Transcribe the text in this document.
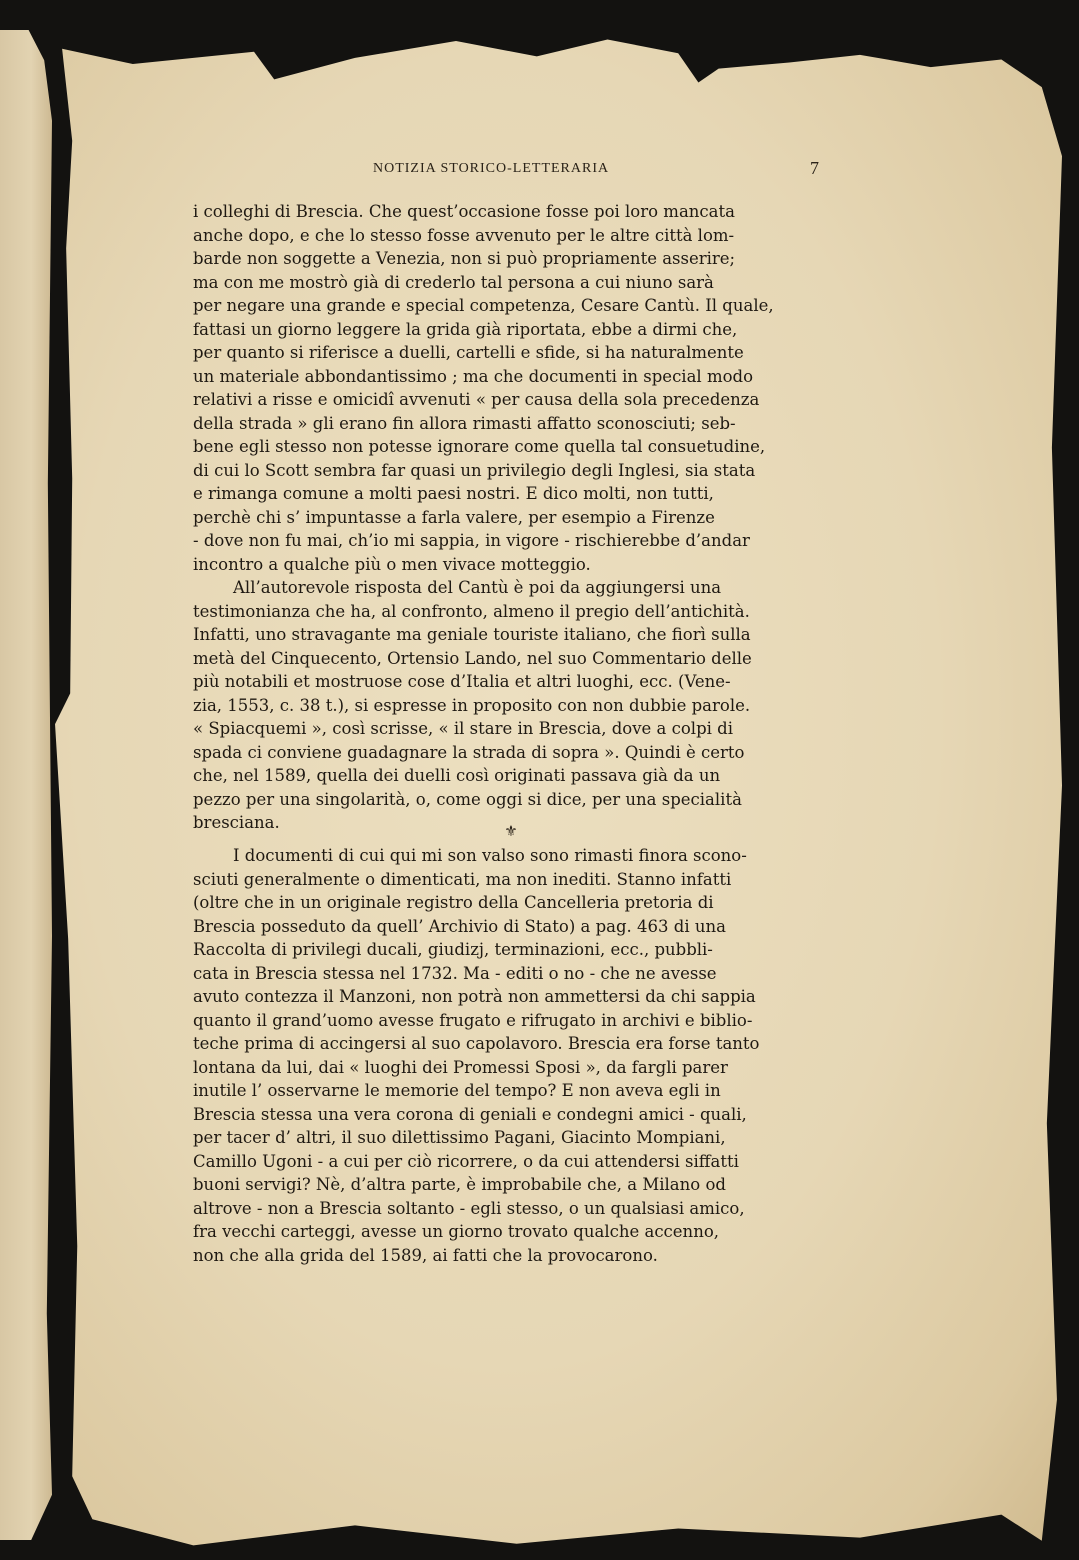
NOTIZIA STORICO-LETTERARIA	7
i colleghi di Brescia. Che quest’occasione fosse poi loro mancata
anche dopo, e che lo stesso fosse avvenuto per le altre città lom-
barde non soggette a Venezia, non si può propriamente asserire;
ma con me mostrò già di crederlo tal persona a cui niuno sarà
per negare una grande e special competenza, Cesare Cantù. Il quale,
fattasi un giorno leggere la grida già riportata, ebbe a dirmi che,
per quanto si riferisce a duelli, cartelli e sfide, si ha naturalmente
un materiale abbondantissimo ; ma che documenti in special modo
relativi a risse e omicidî avvenuti « per causa della sola precedenza
della strada » gli erano fin allora rimasti affatto sconosciuti; seb-
bene egli stesso non potesse ignorare come quella tal consuetudine,
di cui lo Scott sembra far quasi un privilegio degli Inglesi, sia stata
e rimanga comune a molti paesi nostri. E dico molti, non tutti,
perchè chi s’ impuntasse a farla valere, per esempio a Firenze
- dove non fu mai, ch’io mi sappia, in vigore - rischierebbe d’andar
incontro a qualche più o men vivace motteggio.
All’autorevole risposta del Cantù è poi da aggiungersi una
testimonianza che ha, al confronto, almeno il pregio dell’antichità.
Infatti, uno stravagante ma geniale touriste italiano, che fiorì sulla
metà del Cinquecento, Ortensio Lando, nel suo Commentario delle
più notabili et mostruose cose d’Italia et altri luoghi, ecc. (Vene-
zia, 1553, c. 38 t.), si espresse in proposito con non dubbie parole.
« Spiacquemi », così scrisse, « il stare in Brescia, dove a colpi di
spada ci conviene guadagnare la strada di sopra ». Quindi è certo
che, nel 1589, quella dei duelli così originati passava già da un
pezzo per una singolarità, o, come oggi si dice, per una specialità
bresciana.	⚜
I documenti di cui qui mi son valso sono rimasti finora scono-
sciuti generalmente o dimenticati, ma non inediti. Stanno infatti
(oltre che in un originale registro della Cancelleria pretoria di
Brescia posseduto da quell’ Archivio di Stato) a pag. 463 di una
Raccolta di privilegi ducali, giudizj, terminazioni, ecc., pubbli-
cata in Brescia stessa nel 1732. Ma - editi o no - che ne avesse
avuto contezza il Manzoni, non potrà non ammettersi da chi sappia
quanto il grand’uomo avesse frugato e rifrugato in archivi e biblio-
teche prima di accingersi al suo capolavoro. Brescia era forse tanto
lontana da lui, dai « luoghi dei Promessi Sposi », da fargli parer
inutile l’ osservarne le memorie del tempo? E non aveva egli in
Brescia stessa una vera corona di geniali e condegni amici - quali,
per tacer d’ altri, il suo dilettissimo Pagani, Giacinto Mompiani,
Camillo Ugoni - a cui per ciò ricorrere, o da cui attendersi siffatti
buoni servigi? Nè, d’altra parte, è improbabile che, a Milano od
altrove - non a Brescia soltanto - egli stesso, o un qualsiasi amico,
fra vecchi carteggi, avesse un giorno trovato qualche accenno,
non che alla grida del 1589, ai fatti che la provocarono.
